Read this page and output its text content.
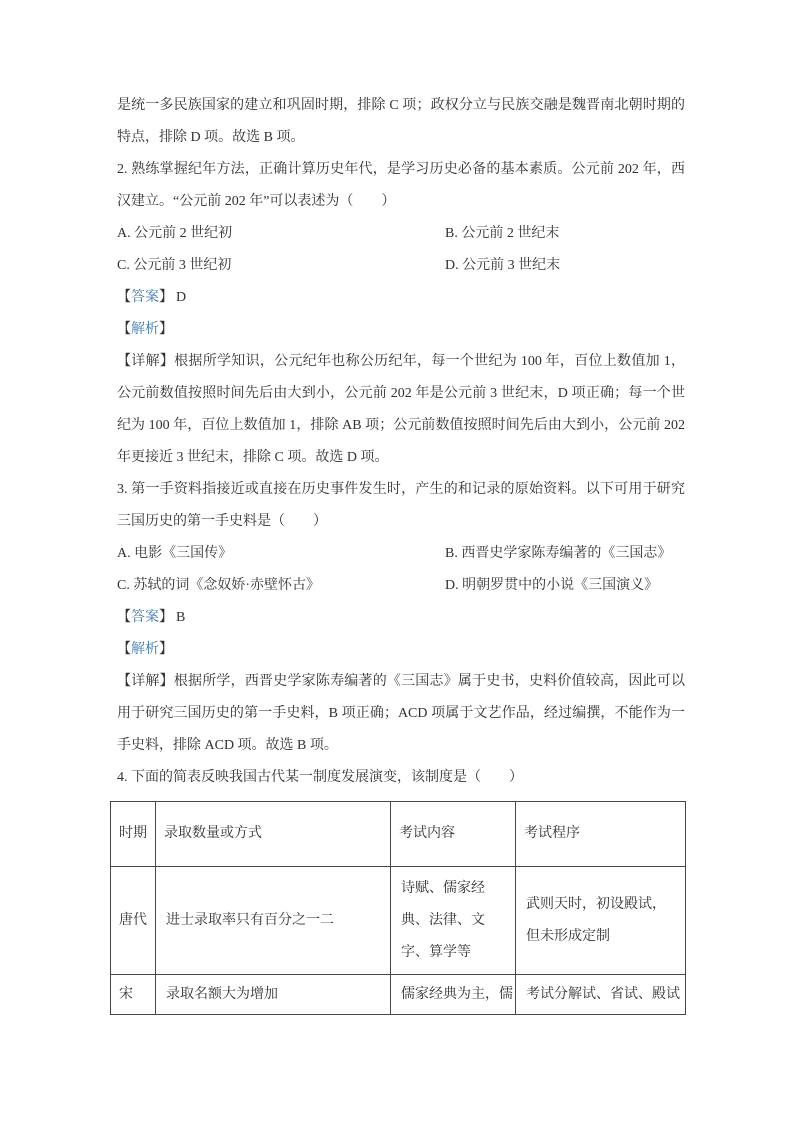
是统一多民族国家的建立和巩固时期，排除 C 项；政权分立与民族交融是魏晋南北朝时期的特点，排除 D 项。故选 B 项。

2. 熟练掌握纪年方法，正确计算历史年代，是学习历史必备的基本素质。公元前 202 年，西汉建立。“公元前 202 年”可以表述为（　　）

A. 公元前 2 世纪初	B. 公元前 2 世纪末
C. 公元前 3 世纪初	D. 公元前 3 世纪末

【答案】 D

【解析】

【详解】根据所学知识，公元纪年也称公历纪年，每一个世纪为 100 年，百位上数值加 1，公元前数值按照时间先后由大到小，公元前 202 年是公元前 3 世纪末，D 项正确；每一个世纪为 100 年，百位上数值加 1，排除 AB 项；公元前数值按照时间先后由大到小，公元前 202 年更接近 3 世纪末，排除 C 项。故选 D 项。

3. 第一手资料指接近或直接在历史事件发生时，产生的和记录的原始资料。以下可用于研究三国历史的第一手史料是（　　）

A. 电影《三国传》	B. 西晋史学家陈寿编著的《三国志》
C. 苏轼的词《念奴娇·赤壁怀古》	D. 明朝罗贯中的小说《三国演义》

【答案】 B

【解析】

【详解】根据所学，西晋史学家陈寿编著的《三国志》属于史书，史料价值较高，因此可以用于研究三国历史的第一手史料，B 项正确；ACD 项属于文艺作品，经过编撰，不能作为一手史料，排除 ACD 项。故选 B 项。

4. 下面的简表反映我国古代某一制度发展演变，该制度是（　　）

时期	录取数量或方式	考试内容	考试程序
唐代	进士录取率只有百分之一二	诗赋、儒家经典、法律、文字、算学等	武则天时，初设殿试，但未形成定制
宋	录取名额大为增加	儒家经典为主，儒	考试分解试、省试、殿试
